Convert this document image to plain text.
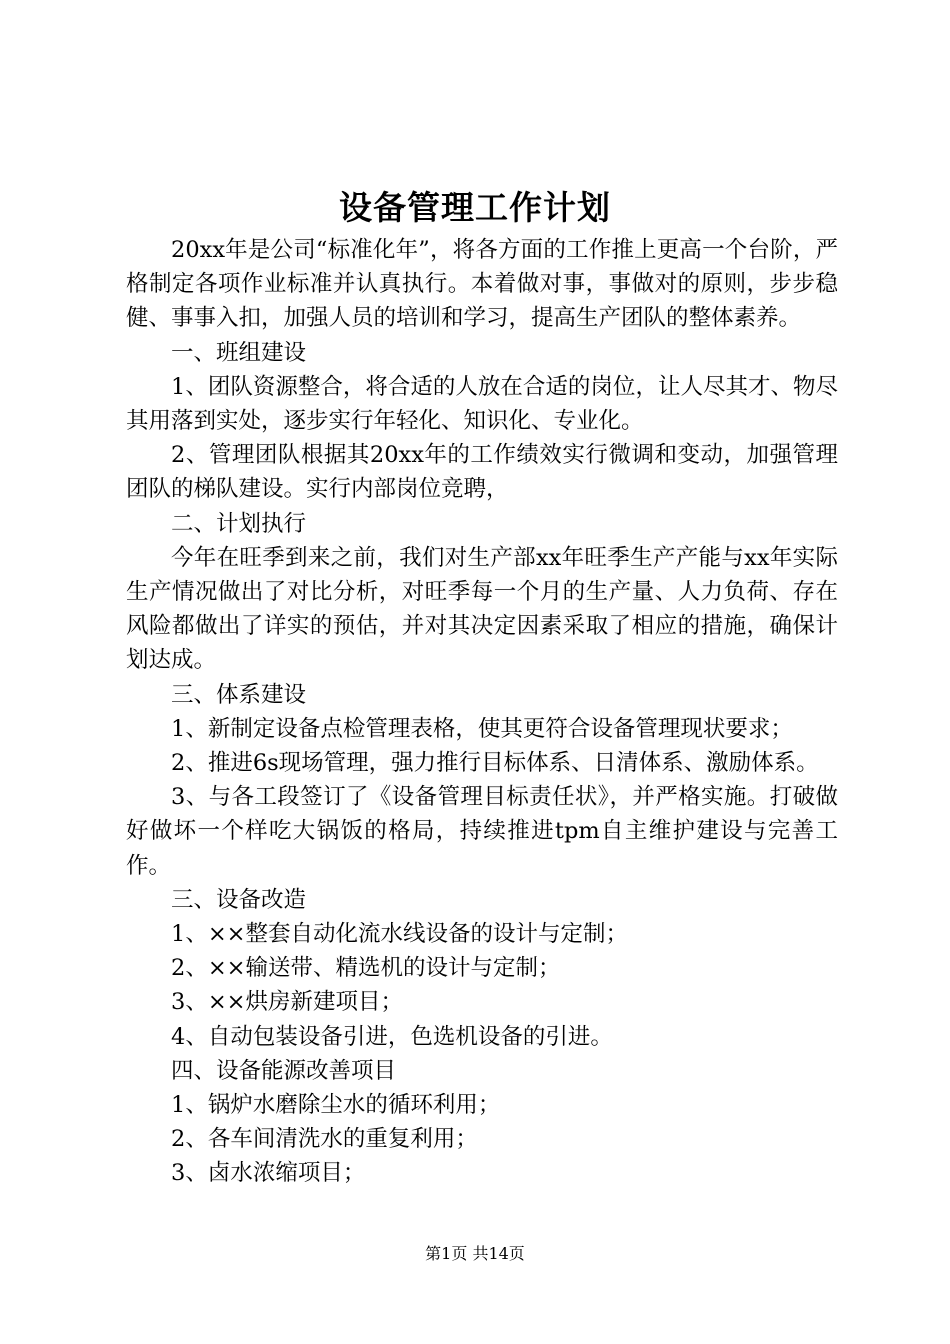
设备管理工作计划

20xx年是公司“标准化年”，将各方面的工作推上更高一个台阶，严格制定各项作业标准并认真执行。本着做对事，事做对的原则，步步稳健、事事入扣，加强人员的培训和学习，提高生产团队的整体素养。

一、班组建设

1、团队资源整合，将合适的人放在合适的岗位，让人尽其才、物尽其用落到实处，逐步实行年轻化、知识化、专业化。

2、管理团队根据其20xx年的工作绩效实行微调和变动，加强管理团队的梯队建设。实行内部岗位竞聘，

二、计划执行

今年在旺季到来之前，我们对生产部xx年旺季生产产能与xx年实际生产情况做出了对比分析，对旺季每一个月的生产量、人力负荷、存在风险都做出了详实的预估，并对其决定因素采取了相应的措施，确保计划达成。

三、体系建设

1、新制定设备点检管理表格，使其更符合设备管理现状要求；

2、推进6s现场管理，强力推行目标体系、日清体系、激励体系。

3、与各工段签订了《设备管理目标责任状》，并严格实施。打破做好做坏一个样吃大锅饭的格局，持续推进tpm自主维护建设与完善工作。

三、设备改造

1、××整套自动化流水线设备的设计与定制；

2、××输送带、精选机的设计与定制；

3、××烘房新建项目；

4、自动包装设备引进，色选机设备的引进。

四、设备能源改善项目

1、锅炉水磨除尘水的循环利用；

2、各车间清洗水的重复利用；

3、卤水浓缩项目；

第1页 共14页
